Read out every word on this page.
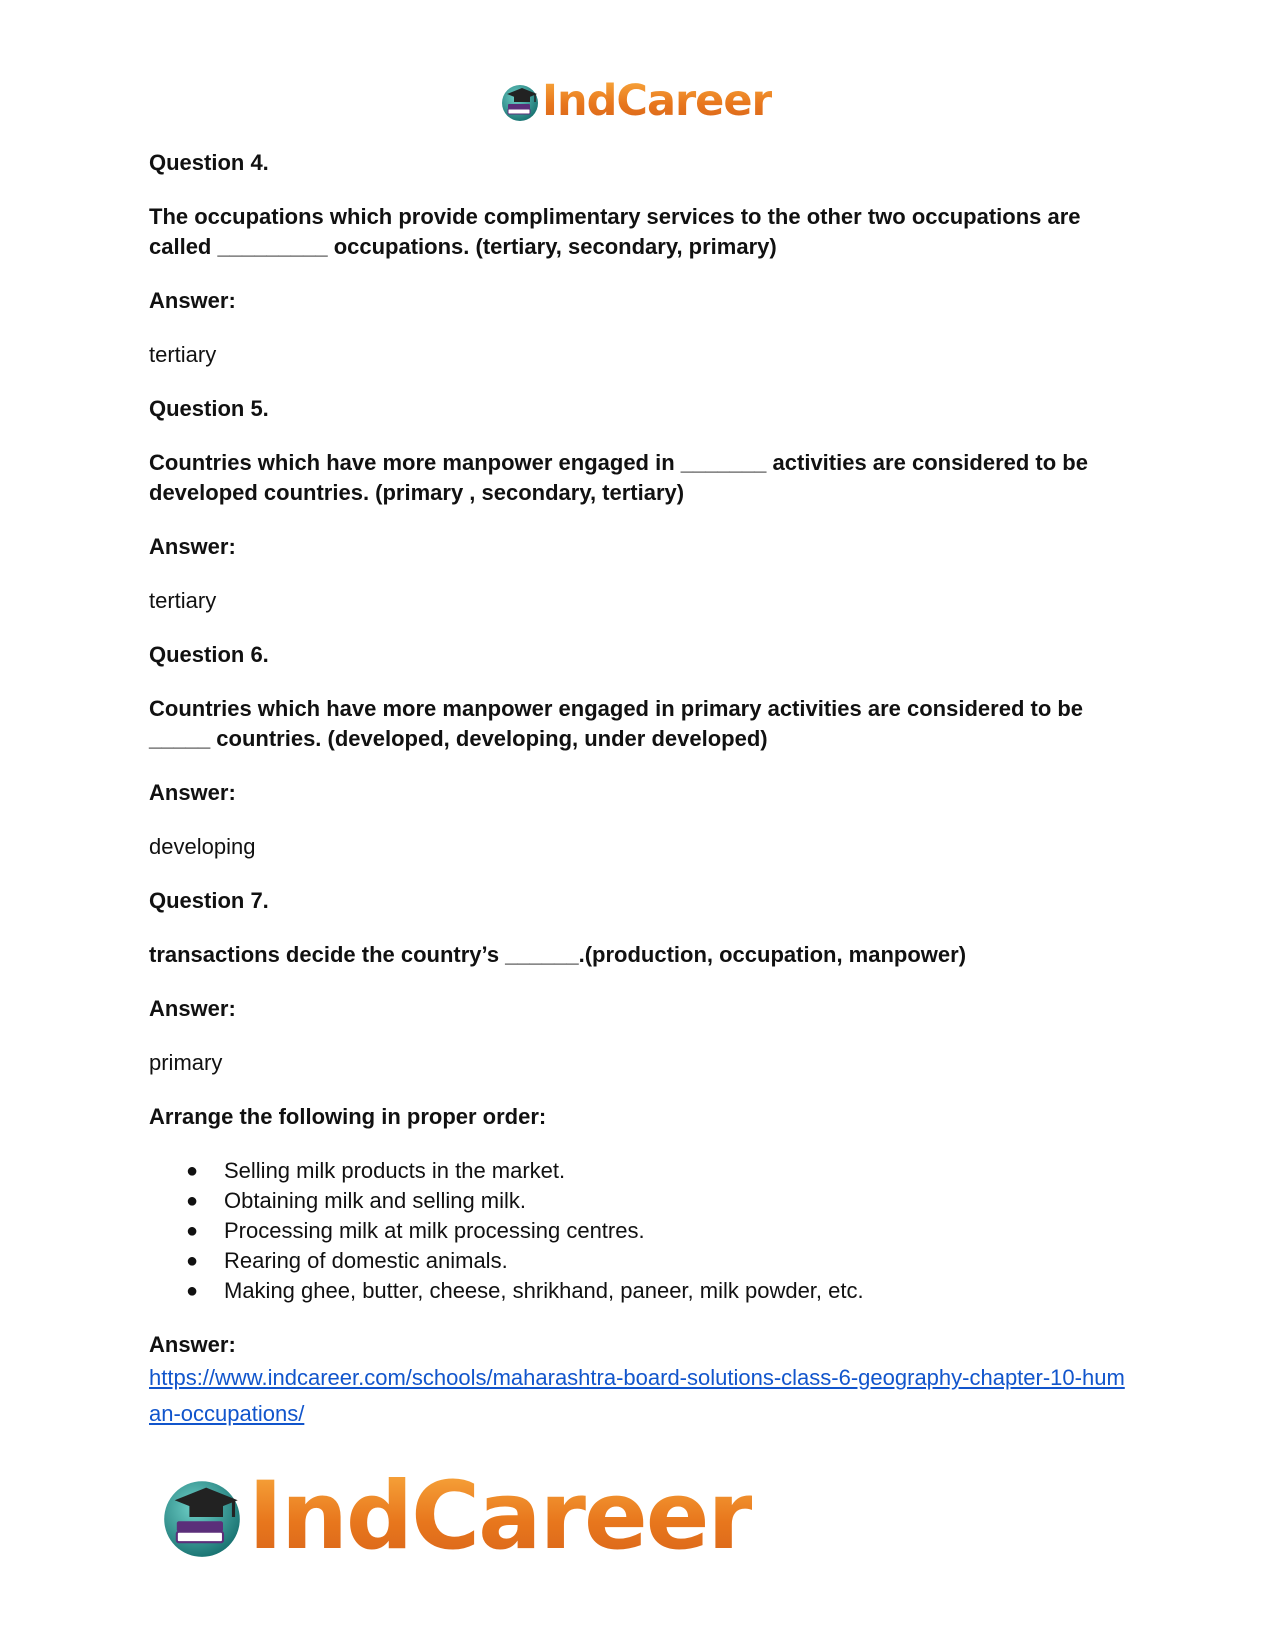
IndCareer

Question 4.

The occupations which provide complimentary services to the other two occupations are called _________ occupations. (tertiary, secondary, primary)

Answer:

tertiary

Question 5.

Countries which have more manpower engaged in _______ activities are considered to be developed countries. (primary , secondary, tertiary)

Answer:

tertiary

Question 6.

Countries which have more manpower engaged in primary activities are considered to be _____ countries. (developed, developing, under developed)

Answer:

developing

Question 7.

transactions decide the country’s ______.(production, occupation, manpower)

Answer:

primary

Arrange the following in proper order:

● Selling milk products in the market.
● Obtaining milk and selling milk.
● Processing milk at milk processing centres.
● Rearing of domestic animals.
● Making ghee, butter, cheese, shrikhand, paneer, milk powder, etc.

Answer:

https://www.indcareer.com/schools/maharashtra-board-solutions-class-6-geography-chapter-10-human-occupations/
IndCareer
